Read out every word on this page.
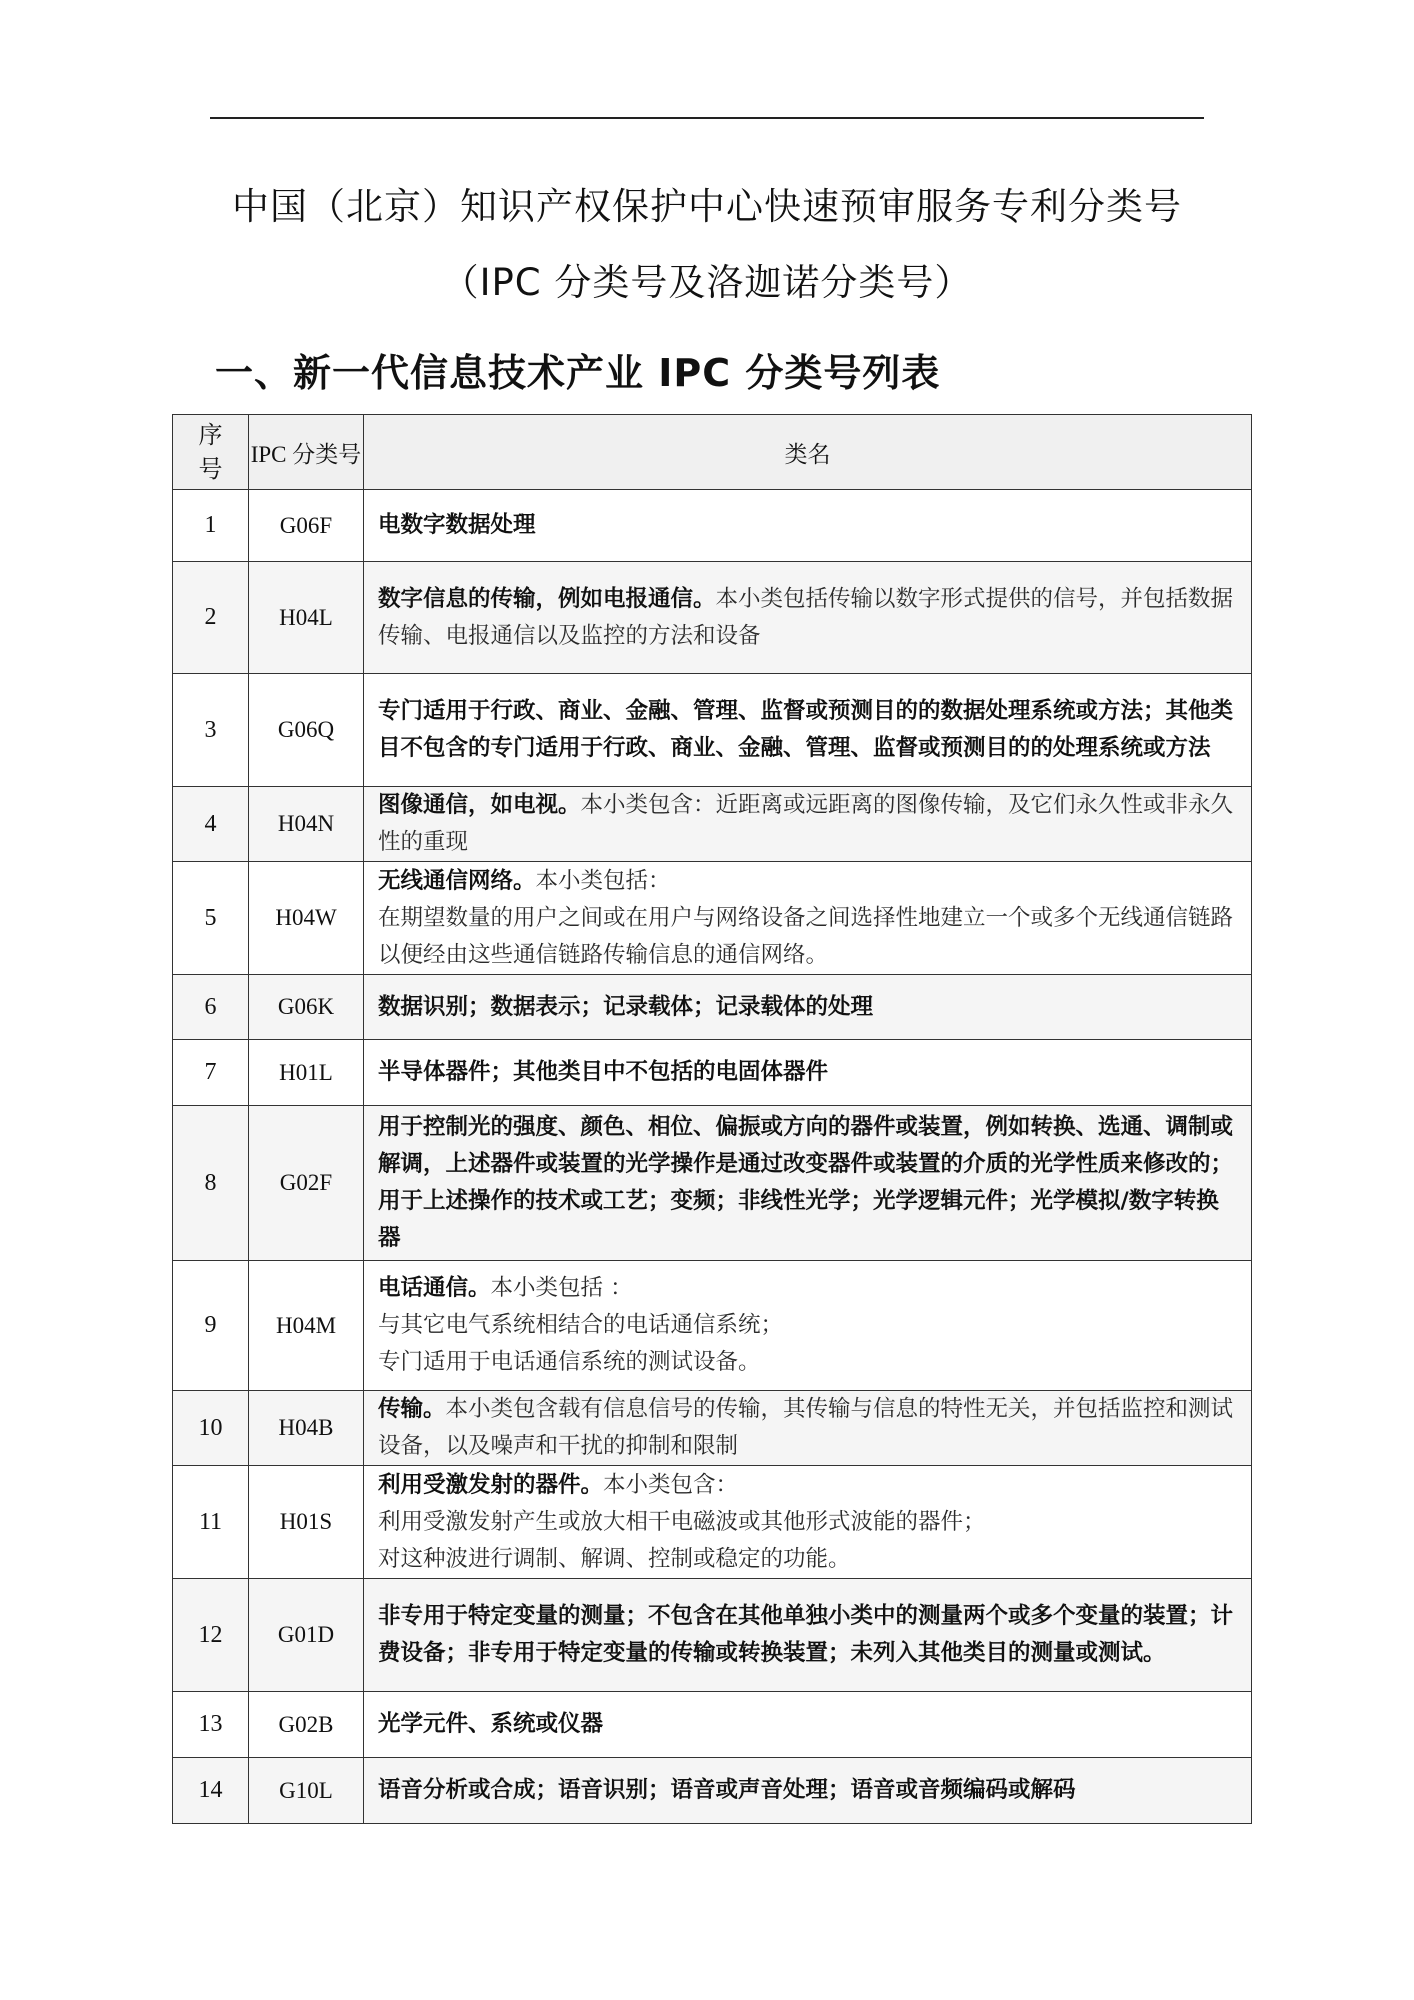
中国（北京）知识产权保护中心快速预审服务专利分类号
（IPC 分类号及洛迦诺分类号）
一、新一代信息技术产业 IPC 分类号列表
序
号	IPC 分类号	类名
1	G06F	电数字数据处理
2	H04L	数字信息的传输，例如电报通信。本小类包括传输以数字形式提供的信号，并包括数据传输、电报通信以及监控的方法和设备
3	G06Q	专门适用于行政、商业、金融、管理、监督或预测目的的数据处理系统或方法；其他类目不包含的专门适用于行政、商业、金融、管理、监督或预测目的的处理系统或方法
4	H04N	图像通信，如电视。本小类包含：近距离或远距离的图像传输，及它们永久性或非永久性的重现
5	H04W	无线通信网络。本小类包括：
在期望数量的用户之间或在用户与网络设备之间选择性地建立一个或多个无线通信链路以便经由这些通信链路传输信息的通信网络。
6	G06K	数据识别；数据表示；记录载体；记录载体的处理
7	H01L	半导体器件；其他类目中不包括的电固体器件
8	G02F	用于控制光的强度、颜色、相位、偏振或方向的器件或装置，例如转换、选通、调制或解调，上述器件或装置的光学操作是通过改变器件或装置的介质的光学性质来修改的；用于上述操作的技术或工艺；变频；非线性光学；光学逻辑元件；光学模拟/数字转换器
9	H04M	电话通信。本小类包括 ：
与其它电气系统相结合的电话通信系统；
专门适用于电话通信系统的测试设备。
10	H04B	传输。本小类包含载有信息信号的传输，其传输与信息的特性无关，并包括监控和测试设备，以及噪声和干扰的抑制和限制
11	H01S	利用受激发射的器件。本小类包含：
利用受激发射产生或放大相干电磁波或其他形式波能的器件；
对这种波进行调制、解调、控制或稳定的功能。
12	G01D	非专用于特定变量的测量；不包含在其他单独小类中的测量两个或多个变量的装置；计费设备；非专用于特定变量的传输或转换装置；未列入其他类目的测量或测试。
13	G02B	光学元件、系统或仪器
14	G10L	语音分析或合成；语音识别；语音或声音处理；语音或音频编码或解码
